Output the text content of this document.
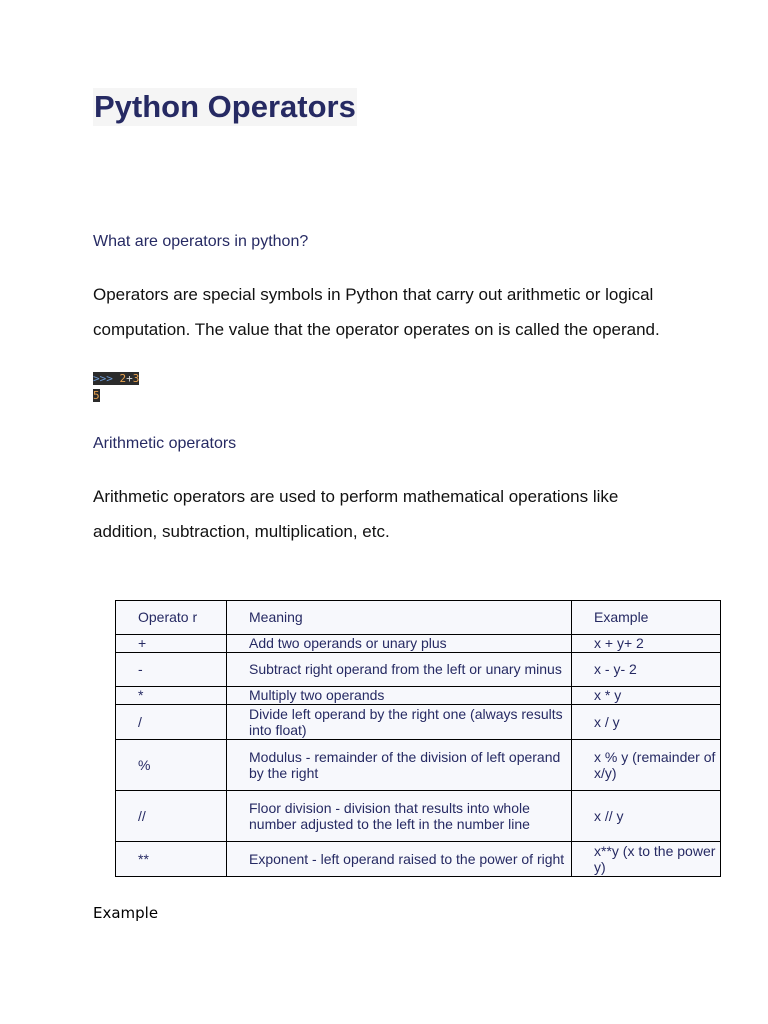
Python Operators
What are operators in python?

Operators are special symbols in Python that carry out arithmetic or logical
computation. The value that the operator operates on is called the operand.

>>> 2+3
5
Arithmetic operators

Arithmetic operators are used to perform mathematical operations like
addition, subtraction, multiplication, etc.

Operato r	Meaning	Example
+	Add two operands or unary plus	x + y+ 2
-	Subtract right operand from the left or unary minus	x - y- 2
*	Multiply two operands	x * y
/	Divide left operand by the right one (always results into float)	x / y
%	Modulus - remainder of the division of left operand by the right	x % y (remainder of x/y)
//	Floor division - division that results into whole number adjusted to the left in the number line	x // y
**	Exponent - left operand raised to the power of right	x**y (x to the power y)

Example
